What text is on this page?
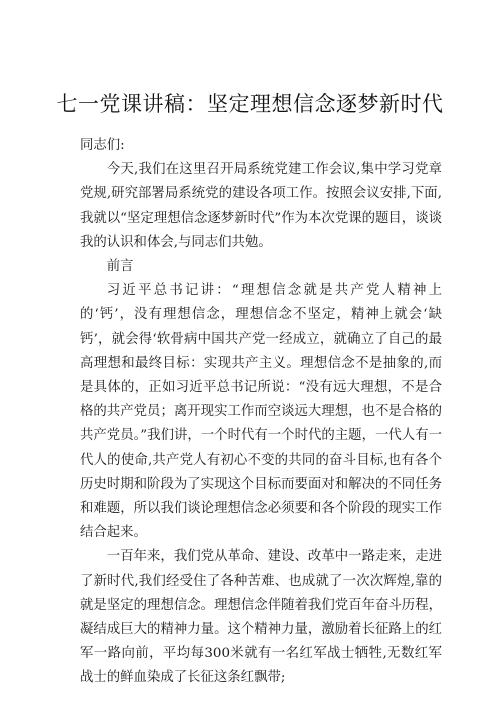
七一党课讲稿：坚定理想信念逐梦新时代

同志们:

今天,我们在这里召开局系统党建工作会议,集中学习党章党规,研究部署局系统党的建设各项工作。按照会议安排,下面,我就以“坚定理想信念逐梦新时代”作为本次党课的题目，谈谈我的认识和体会,与同志们共勉。

前言

习近平总书记讲：“理想信念就是共产党人精神上的‘钙’，没有理想信念，理想信念不坚定，精神上就会‘缺钙’，就会得‘软骨病中国共产党一经成立，就确立了自己的最高理想和最终目标：实现共产主义。理想信念不是抽象的,而是具体的，正如习近平总书记所说：“没有远大理想，不是合格的共产党员；离开现实工作而空谈远大理想，也不是合格的共产党员。”我们讲，一个时代有一个时代的主题，一代人有一代人的使命,共产党人有初心不变的共同的奋斗目标,也有各个历史时期和阶段为了实现这个目标而要面对和解决的不同任务和难题，所以我们谈论理想信念必须要和各个阶段的现实工作结合起来。

一百年来，我们党从革命、建设、改革中一路走来，走进了新时代,我们经受住了各种苦难、也成就了一次次辉煌,靠的就是坚定的理想信念。理想信念伴随着我们党百年奋斗历程，凝结成巨大的精神力量。这个精神力量，激励着长征路上的红军一路向前，平均每300米就有一名红军战士牺牲,无数红军战士的鲜血染成了长征这条红飘带;
